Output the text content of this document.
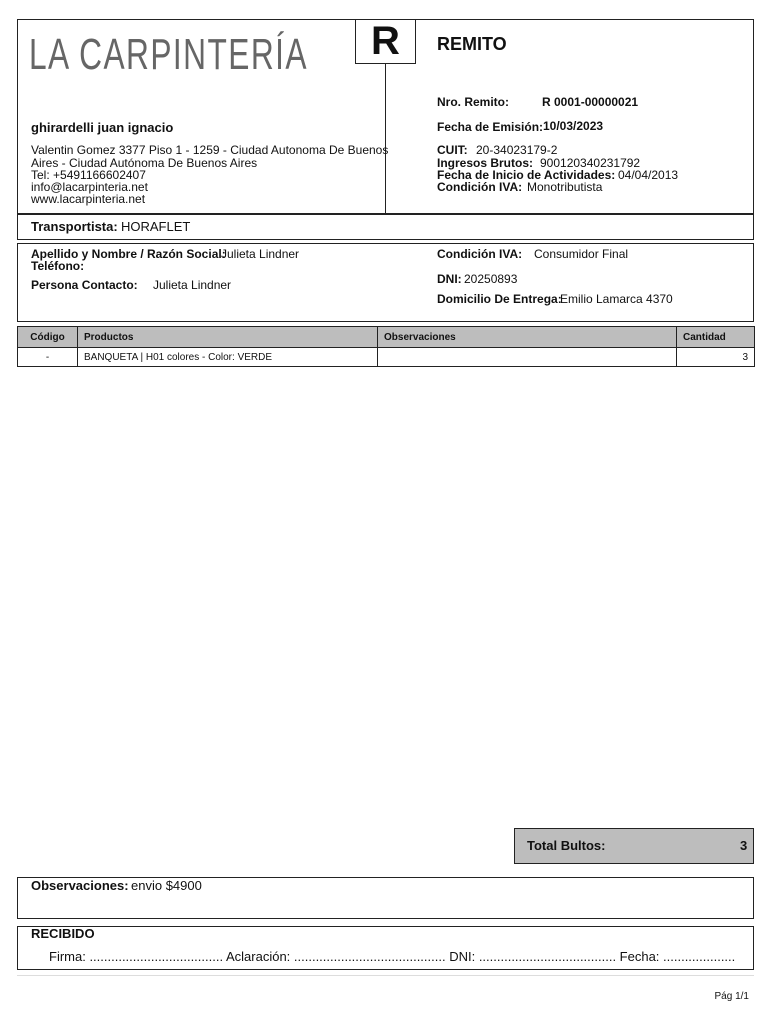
LA CARPINTERÍA	R	REMITO
ghirardelli juan ignacio
Valentin Gomez 3377 Piso 1 - 1259 - Ciudad Autonoma De Buenos
Aires - Ciudad Autónoma De Buenos Aires
Tel: +5491166602407
info@lacarpinteria.net
www.lacarpinteria.net
Nro. Remito:	R 0001-00000021
Fecha de Emisión: 10/03/2023
CUIT: 20-34023179-2
Ingresos Brutos: 900120340231792
Fecha de Inicio de Actividades: 04/04/2013
Condición IVA: Monotributista
Transportista: HORAFLET
Apellido y Nombre / Razón Social:
Julieta Lindner
Teléfono:
Persona Contacto: Julieta Lindner
Condición IVA: Consumidor Final
DNI: 20250893
Domicilio De Entrega:
Emilio Lamarca 4370
Código	Productos	Observaciones	Cantidad
-	BANQUETA | H01 colores - Color: VERDE		3
Total Bultos:	3
Observaciones: envio $4900
RECIBIDO
Firma: ..................................... Aclaración: .......................................... DNI: ...................................... Fecha: ....................
Pág 1/1
